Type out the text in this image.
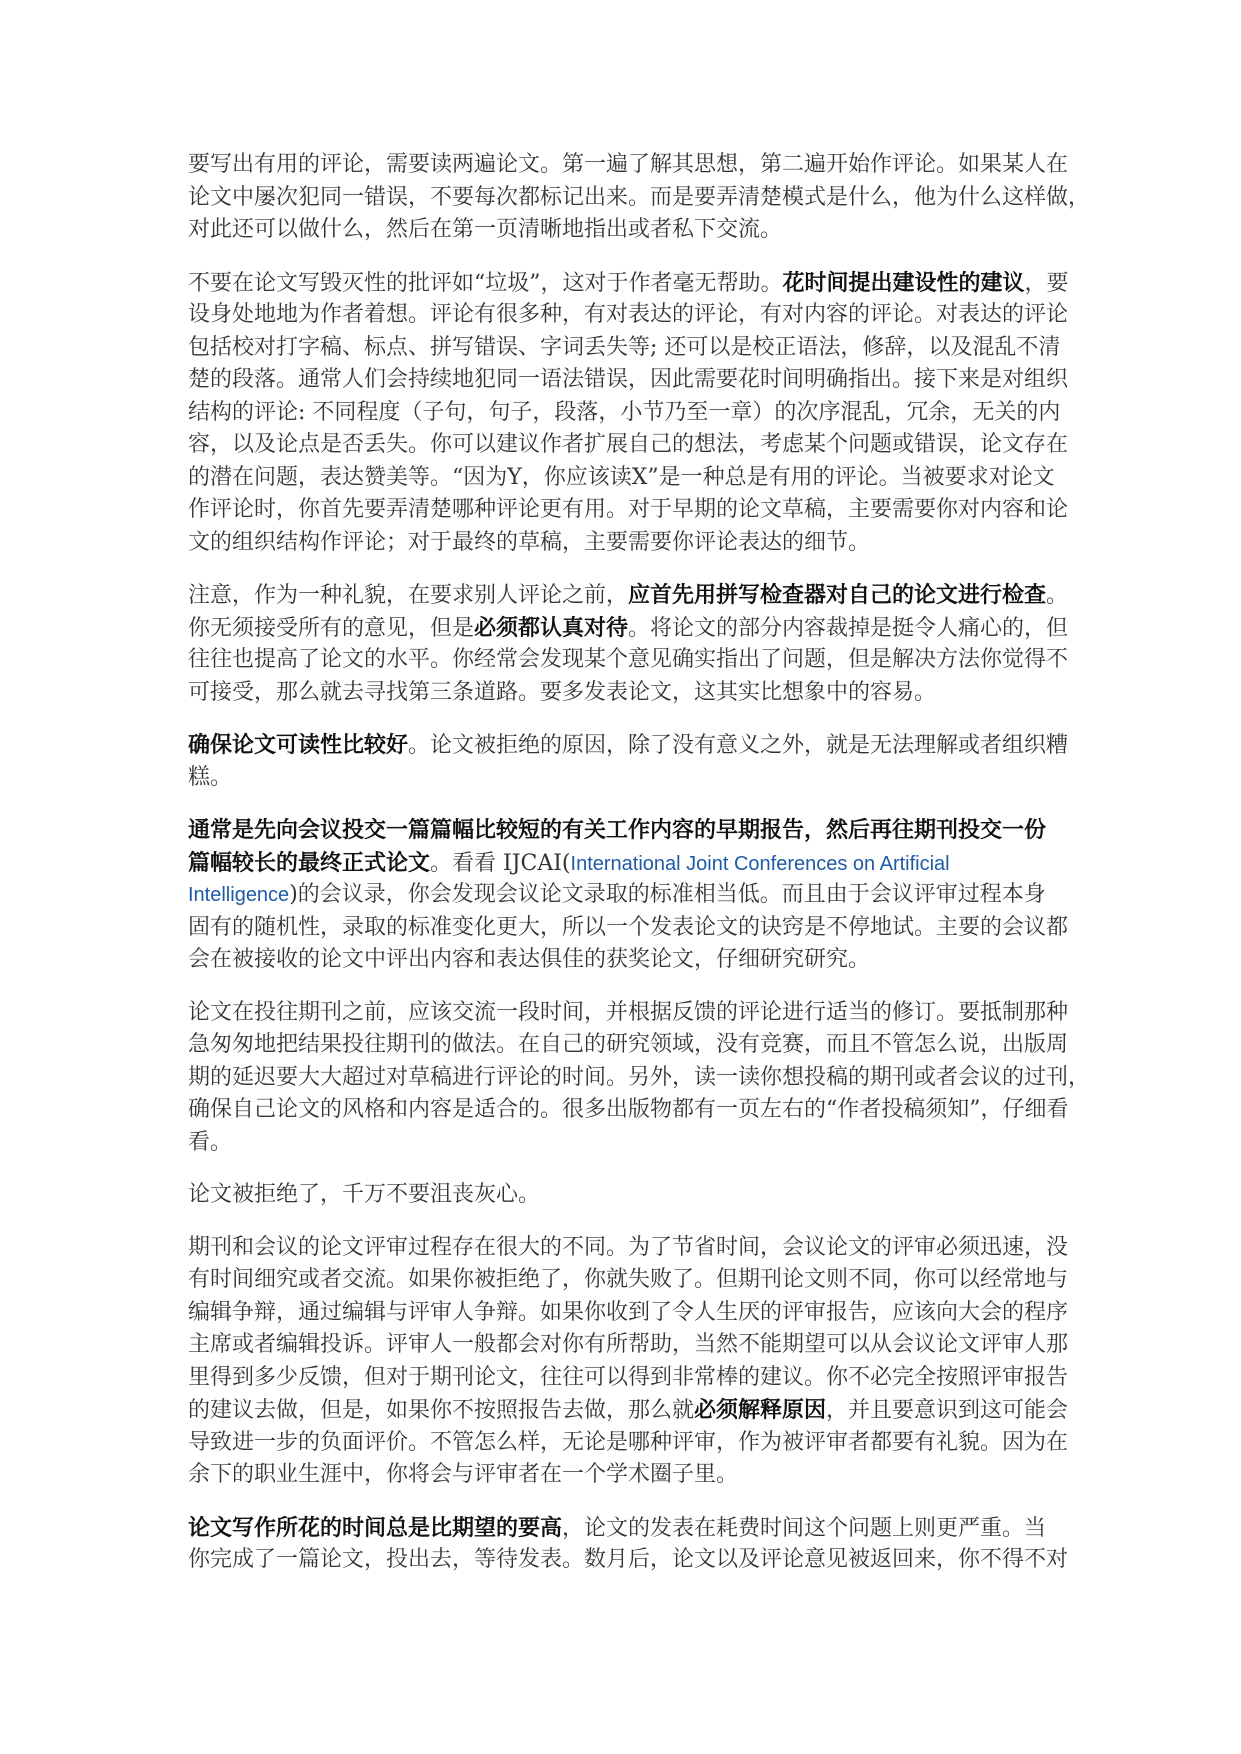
要写出有用的评论，需要读两遍论文。第一遍了解其思想，第二遍开始作评论。如果某人在
论文中屡次犯同一错误，不要每次都标记出来。而是要弄清楚模式是什么，他为什么这样做，
对此还可以做什么，然后在第一页清晰地指出或者私下交流。
不要在论文写毁灭性的批评如“垃圾”，这对于作者毫无帮助。花时间提出建设性的建议，要
设身处地地为作者着想。评论有很多种，有对表达的评论，有对内容的评论。对表达的评论
包括校对打字稿、标点、拼写错误、字词丢失等; 还可以是校正语法，修辞，以及混乱不清
楚的段落。通常人们会持续地犯同一语法错误，因此需要花时间明确指出。接下来是对组织
结构的评论: 不同程度（子句，句子，段落，小节乃至一章）的次序混乱，冗余，无关的内
容，以及论点是否丢失。你可以建议作者扩展自己的想法，考虑某个问题或错误，论文存在
的潜在问题，表达赞美等。“因为Y，你应该读X”是一种总是有用的评论。当被要求对论文
作评论时，你首先要弄清楚哪种评论更有用。对于早期的论文草稿，主要需要你对内容和论
文的组织结构作评论；对于最终的草稿，主要需要你评论表达的细节。
注意，作为一种礼貌，在要求别人评论之前，应首先用拼写检查器对自己的论文进行检查。
你无须接受所有的意见，但是必须都认真对待。将论文的部分内容裁掉是挺令人痛心的，但
往往也提高了论文的水平。你经常会发现某个意见确实指出了问题，但是解决方法你觉得不
可接受，那么就去寻找第三条道路。要多发表论文，这其实比想象中的容易。
确保论文可读性比较好。论文被拒绝的原因，除了没有意义之外，就是无法理解或者组织糟
糕。
通常是先向会议投交一篇篇幅比较短的有关工作内容的早期报告，然后再往期刊投交一份
篇幅较长的最终正式论文。看看 IJCAI(International Joint Conferences on Artificial
Intelligence)的会议录，你会发现会议论文录取的标准相当低。而且由于会议评审过程本身
固有的随机性，录取的标准变化更大，所以一个发表论文的诀窍是不停地试。主要的会议都
会在被接收的论文中评出内容和表达俱佳的获奖论文，仔细研究研究。
论文在投往期刊之前，应该交流一段时间，并根据反馈的评论进行适当的修订。要抵制那种
急匆匆地把结果投往期刊的做法。在自己的研究领域，没有竞赛，而且不管怎么说，出版周
期的延迟要大大超过对草稿进行评论的时间。另外，读一读你想投稿的期刊或者会议的过刊，
确保自己论文的风格和内容是适合的。很多出版物都有一页左右的“作者投稿须知”，仔细看
看。
论文被拒绝了，千万不要沮丧灰心。
期刊和会议的论文评审过程存在很大的不同。为了节省时间，会议论文的评审必须迅速，没
有时间细究或者交流。如果你被拒绝了，你就失败了。但期刊论文则不同，你可以经常地与
编辑争辩，通过编辑与评审人争辩。如果你收到了令人生厌的评审报告，应该向大会的程序
主席或者编辑投诉。评审人一般都会对你有所帮助，当然不能期望可以从会议论文评审人那
里得到多少反馈，但对于期刊论文，往往可以得到非常棒的建议。你不必完全按照评审报告
的建议去做，但是，如果你不按照报告去做，那么就必须解释原因，并且要意识到这可能会
导致进一步的负面评价。不管怎么样，无论是哪种评审，作为被评审者都要有礼貌。因为在
余下的职业生涯中，你将会与评审者在一个学术圈子里。
论文写作所花的时间总是比期望的要高，论文的发表在耗费时间这个问题上则更严重。当
你完成了一篇论文，投出去，等待发表。数月后，论文以及评论意见被返回来，你不得不对
